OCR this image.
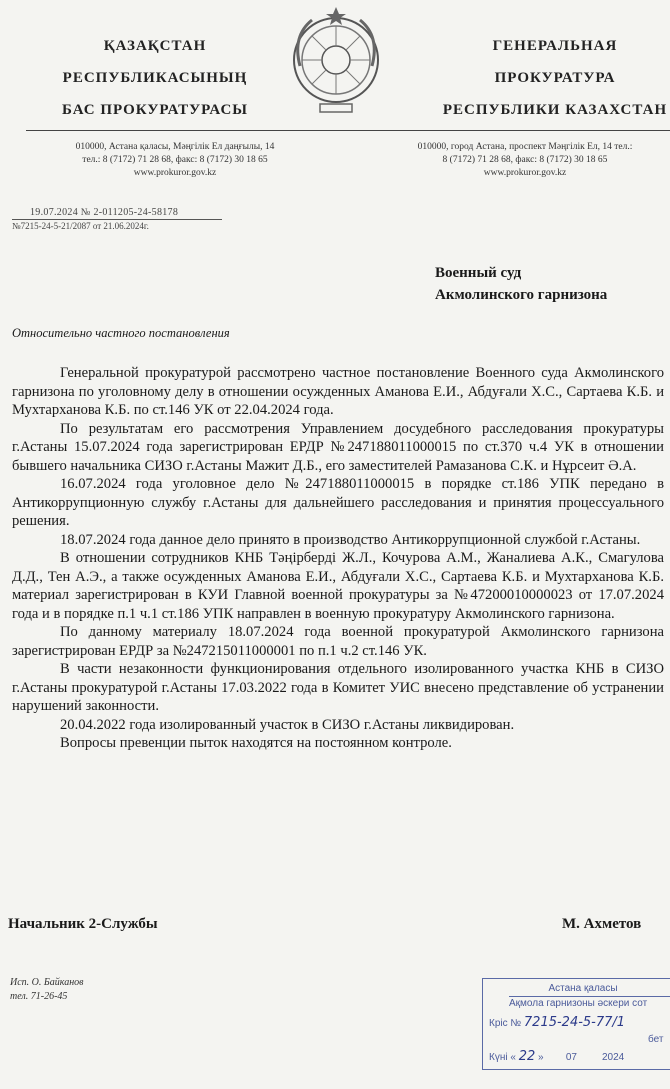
ҚАЗАҚСТАН
РЕСПУБЛИКАСЫНЫҢ
БАС ПРОКУРАТУРАСЫ
ГЕНЕРАЛЬНАЯ
ПРОКУРАТУРА
РЕСПУБЛИКИ КАЗАХСТАН
010000, Астана қаласы, Мәңгілік Ел даңғылы, 14
тел.: 8 (7172) 71 28 68, факс: 8 (7172) 30 18 65
www.prokuror.gov.kz
010000, город Астана, проспект Мәңгілік Ел, 14 тел.:
8 (7172) 71 28 68, факс: 8 (7172) 30 18 65
www.prokuror.gov.kz
19.07.2024 № 2-011205-24-58178
№7215-24-5-21/2087 от 21.06.2024г.
Военный суд
Акмолинского гарнизона
Относительно частного постановления

Генеральной прокуратурой рассмотрено частное постановление Военного суда Акмолинского гарнизона по уголовному делу в отношении осужденных Аманова Е.И., Абдуғали Х.С., Сартаева К.Б. и Мухтарханова К.Б. по ст.146 УК от 22.04.2024 года.

По результатам его рассмотрения Управлением досудебного расследования прокуратуры г.Астаны 15.07.2024 года зарегистрирован ЕРДР №247188011000015 по ст.370 ч.4 УК в отношении бывшего начальника СИЗО г.Астаны Мажит Д.Б., его заместителей Рамазанова С.К. и Нұрсеит Ә.А.

16.07.2024 года уголовное дело №247188011000015 в порядке ст.186 УПК передано в Антикоррупционную службу г.Астаны для дальнейшего расследования и принятия процессуального решения.

18.07.2024 года данное дело принято в производство Антикоррупционной службой г.Астаны.

В отношении сотрудников КНБ Тәңірберді Ж.Л., Кочурова А.М., Жаналиева А.К., Смагулова Д.Д., Тен А.Э., а также осужденных Аманова Е.И., Абдуғали Х.С., Сартаева К.Б. и Мухтарханова К.Б. материал зарегистрирован в КУИ Главной военной прокуратуры за №47200010000023 от 17.07.2024 года и в порядке п.1 ч.1 ст.186 УПК направлен в военную прокуратуру Акмолинского гарнизона.

По данному материалу 18.07.2024 года военной прокуратурой Акмолинского гарнизона зарегистрирован ЕРДР за №247215011000001 по п.1 ч.2 ст.146 УК.

В части незаконности функционирования отдельного изолированного участка КНБ в СИЗО г.Астаны прокуратурой г.Астаны 17.03.2022 года в Комитет УИС внесено представление об устранении нарушений законности.

20.04.2022 года изолированный участок в СИЗО г.Астаны ликвидирован.

Вопросы превенции пыток находятся на постоянном контроле.

Начальник 2-Службы	М. Ахметов
Исп. О. Байканов
тел. 71-26-45
Астана қаласы
Ақмола гарнизоны әскери сот
Кріс № 7215-24-5-77/1
бет
Күні « 22 » 07	2024
